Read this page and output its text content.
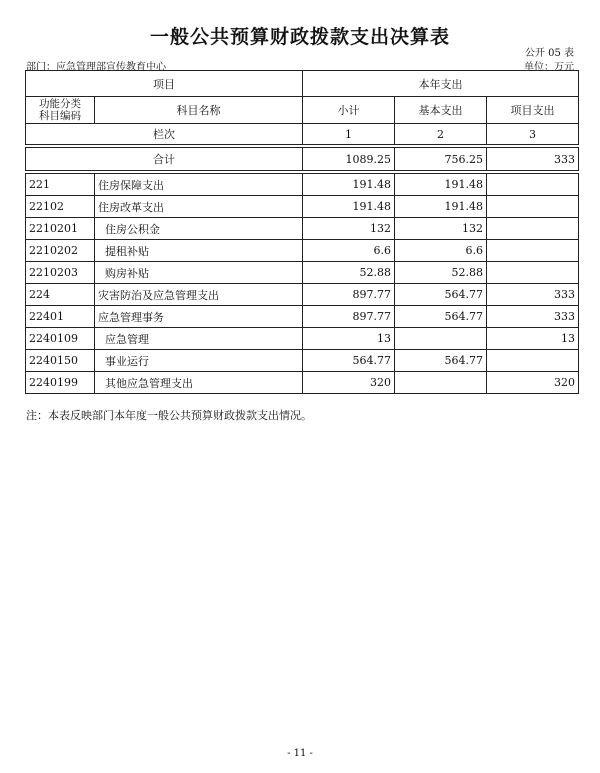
一般公共预算财政拨款支出决算表
公开 05 表
部门：应急管理部宣传教育中心	单位：万元
项目		本年支出		

功能分类
科目编码	科目名称	小计	基本支出	项目支出
栏次		1	2	3

合计		1089.25	756.25	333

221	住房保障支出	191.48	191.48	
22102	住房改革支出	191.48	191.48	
2210201	住房公积金	132	132	
2210202	提租补贴	6.6	6.6	
2210203	购房补贴	52.88	52.88	
224	灾害防治及应急管理支出	897.77	564.77	333
22401	应急管理事务	897.77	564.77	333
2240109	应急管理	13		13
2240150	事业运行	564.77	564.77	
2240199	其他应急管理支出	320		320
注：本表反映部门本年度一般公共预算财政拨款支出情况。
- 11 -
